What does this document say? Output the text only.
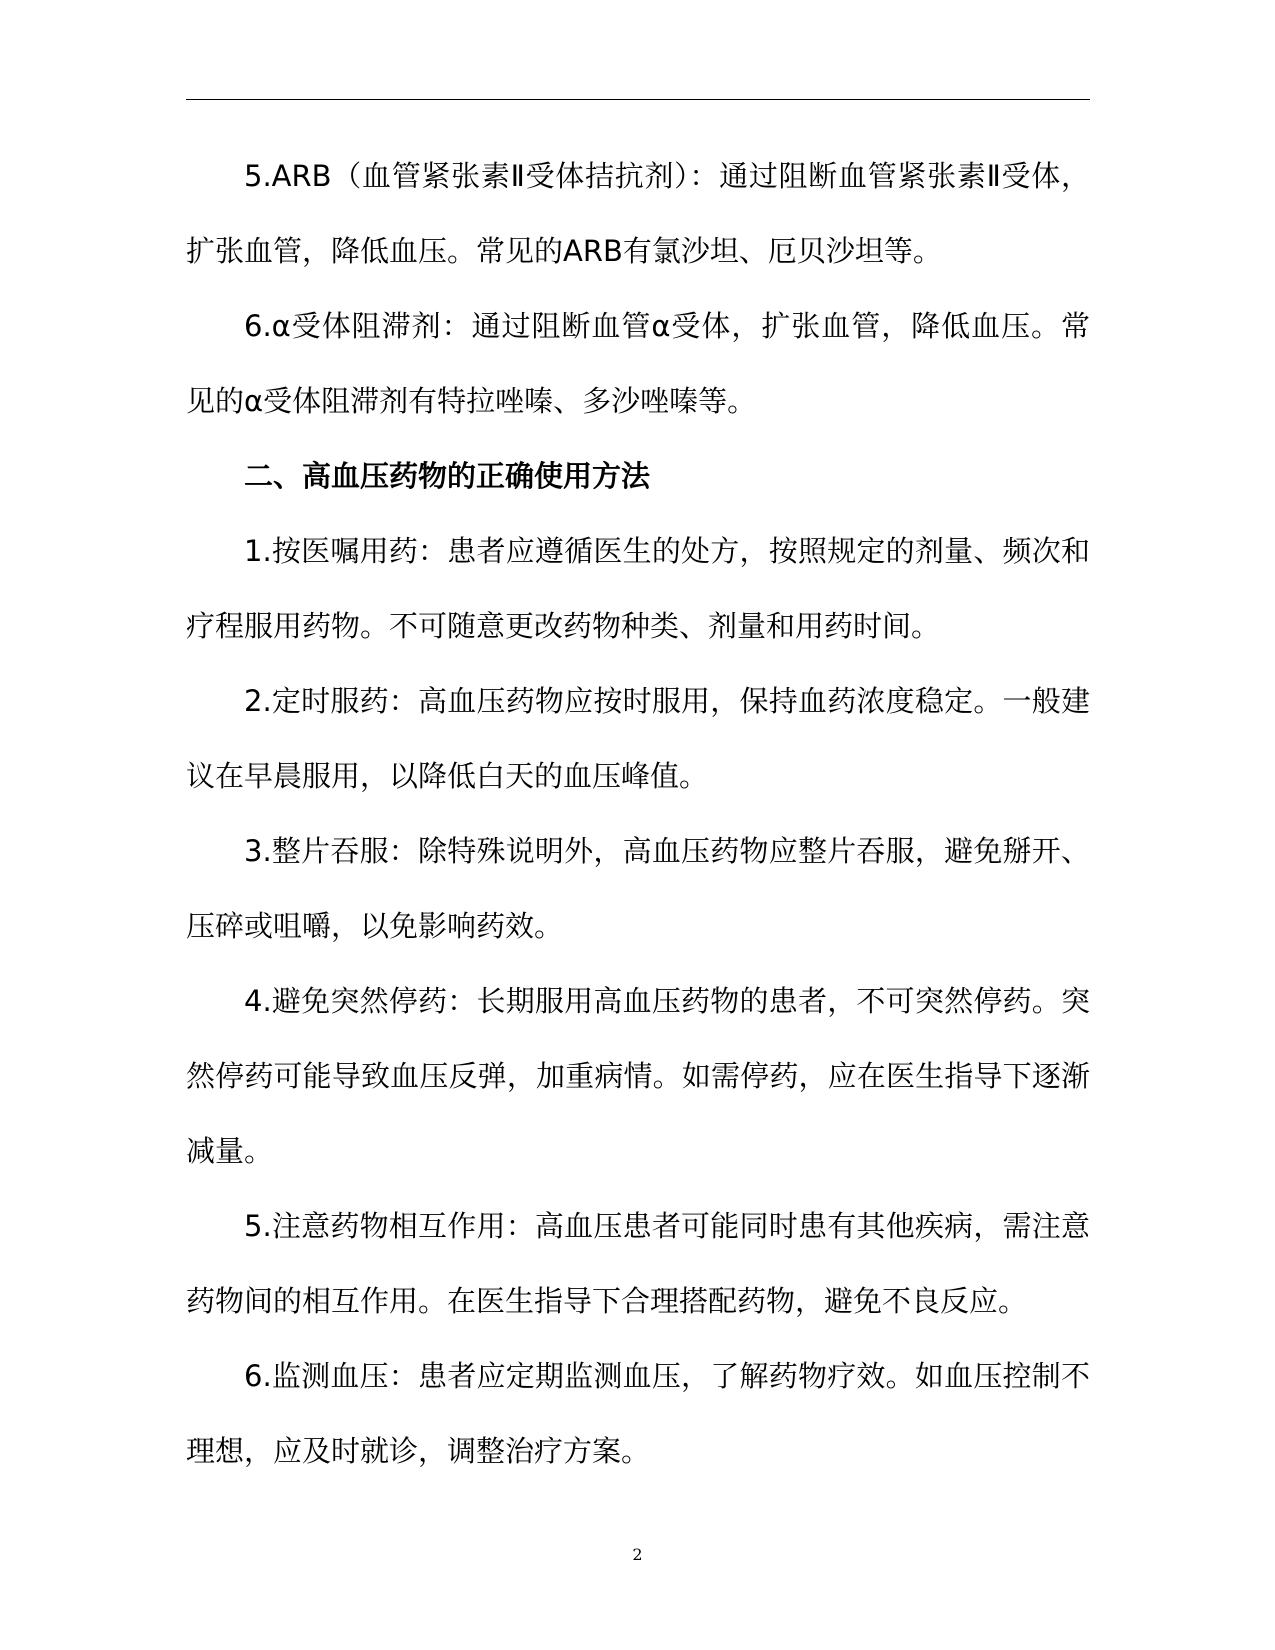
5.ARB（血管紧张素Ⅱ受体拮抗剂）：通过阻断血管紧张素Ⅱ受体，扩张血管，降低血压。常见的ARB有氯沙坦、厄贝沙坦等。

6.α受体阻滞剂：通过阻断血管α受体，扩张血管，降低血压。常见的α受体阻滞剂有特拉唑嗪、多沙唑嗪等。

二、高血压药物的正确使用方法

1.按医嘱用药：患者应遵循医生的处方，按照规定的剂量、频次和疗程服用药物。不可随意更改药物种类、剂量和用药时间。

2.定时服药：高血压药物应按时服用，保持血药浓度稳定。一般建议在早晨服用，以降低白天的血压峰值。

3.整片吞服：除特殊说明外，高血压药物应整片吞服，避免掰开、压碎或咀嚼，以免影响药效。

4.避免突然停药：长期服用高血压药物的患者，不可突然停药。突然停药可能导致血压反弹，加重病情。如需停药，应在医生指导下逐渐减量。

5.注意药物相互作用：高血压患者可能同时患有其他疾病，需注意药物间的相互作用。在医生指导下合理搭配药物，避免不良反应。

6.监测血压：患者应定期监测血压，了解药物疗效。如血压控制不理想，应及时就诊，调整治疗方案。

2
